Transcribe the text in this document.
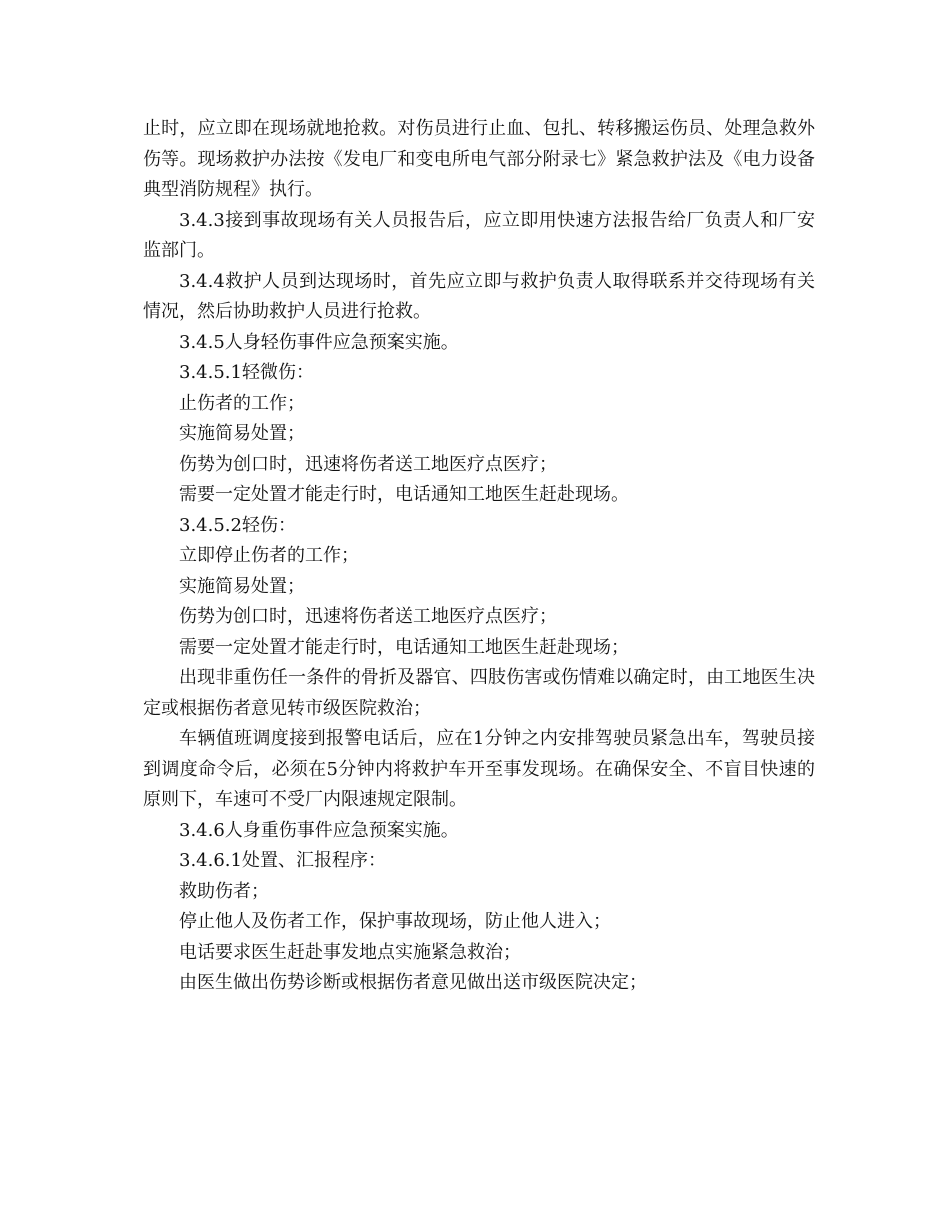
止时，应立即在现场就地抢救。对伤员进行止血、包扎、转移搬运伤员、处理急救外伤等。现场救护办法按《发电厂和变电所电气部分附录七》紧急救护法及《电力设备典型消防规程》执行。

3.4.3接到事故现场有关人员报告后，应立即用快速方法报告给厂负责人和厂安监部门。

3.4.4救护人员到达现场时，首先应立即与救护负责人取得联系并交待现场有关情况，然后协助救护人员进行抢救。

3.4.5人身轻伤事件应急预案实施。

3.4.5.1轻微伤：

止伤者的工作；

实施简易处置；

伤势为创口时，迅速将伤者送工地医疗点医疗；

需要一定处置才能走行时，电话通知工地医生赶赴现场。

3.4.5.2轻伤：

立即停止伤者的工作；

实施简易处置；

伤势为创口时，迅速将伤者送工地医疗点医疗；

需要一定处置才能走行时，电话通知工地医生赶赴现场；

出现非重伤任一条件的骨折及器官、四肢伤害或伤情难以确定时，由工地医生决定或根据伤者意见转市级医院救治；

车辆值班调度接到报警电话后，应在1分钟之内安排驾驶员紧急出车，驾驶员接到调度命令后，必须在5分钟内将救护车开至事发现场。在确保安全、不盲目快速的原则下，车速可不受厂内限速规定限制。

3.4.6人身重伤事件应急预案实施。

3.4.6.1处置、汇报程序：

救助伤者；

停止他人及伤者工作，保护事故现场，防止他人进入；

电话要求医生赶赴事发地点实施紧急救治；

由医生做出伤势诊断或根据伤者意见做出送市级医院决定；
